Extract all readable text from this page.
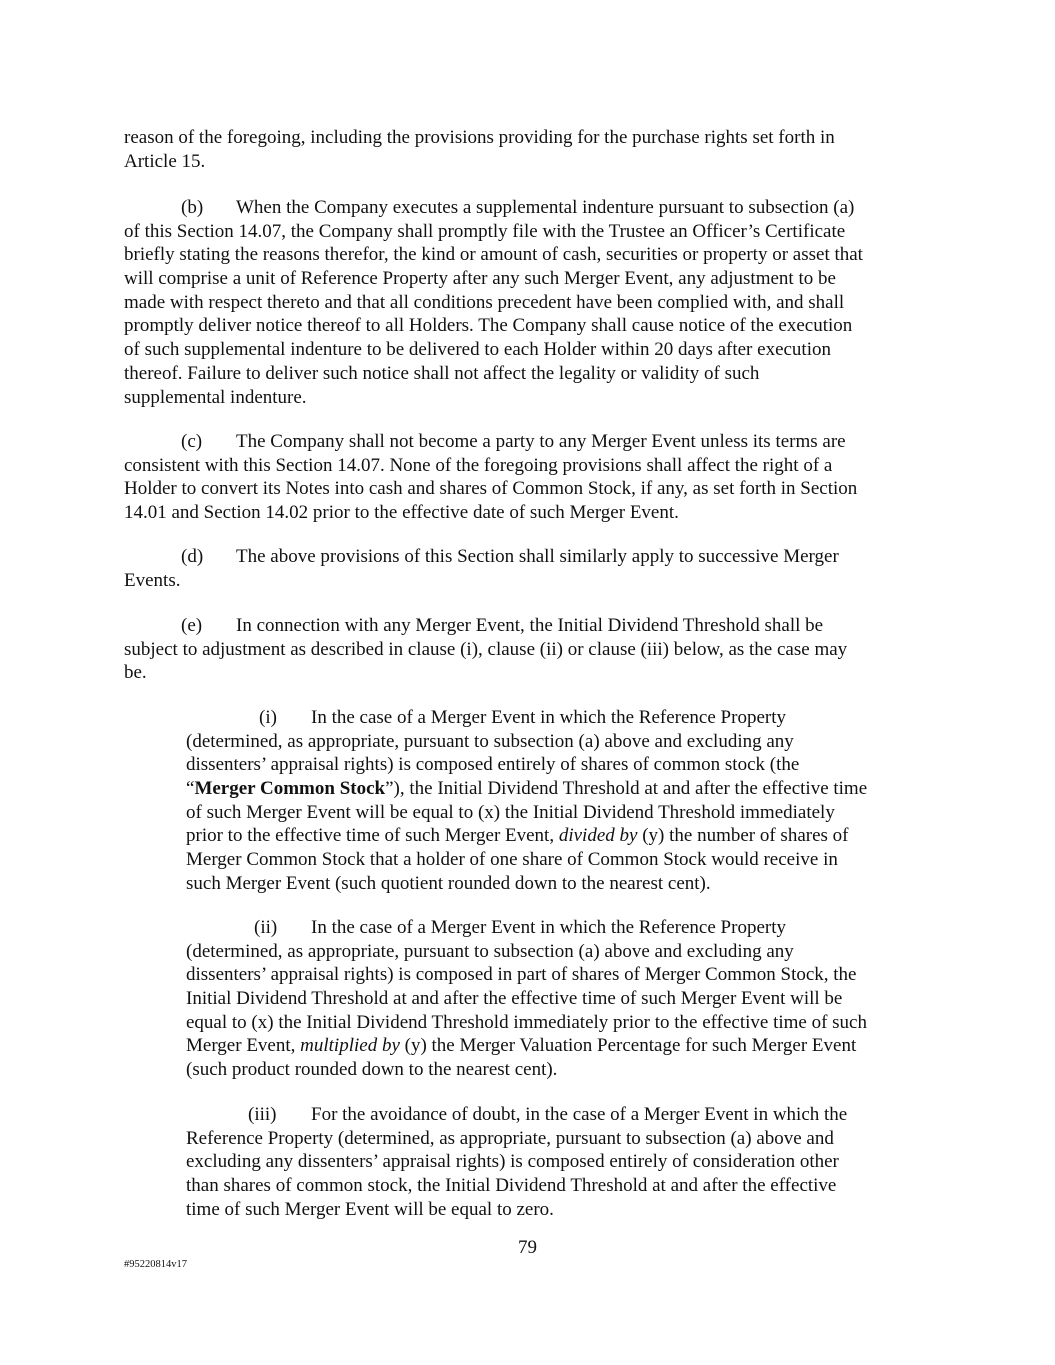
reason of the foregoing, including the provisions providing for the purchase rights set forth in
Article 15.
(b) When the Company executes a supplemental indenture pursuant to subsection (a)
of this Section 14.07, the Company shall promptly file with the Trustee an Officer’s Certificate
briefly stating the reasons therefor, the kind or amount of cash, securities or property or asset that
will comprise a unit of Reference Property after any such Merger Event, any adjustment to be
made with respect thereto and that all conditions precedent have been complied with, and shall
promptly deliver notice thereof to all Holders. The Company shall cause notice of the execution
of such supplemental indenture to be delivered to each Holder within 20 days after execution
thereof. Failure to deliver such notice shall not affect the legality or validity of such
supplemental indenture.
(c) The Company shall not become a party to any Merger Event unless its terms are
consistent with this Section 14.07. None of the foregoing provisions shall affect the right of a
Holder to convert its Notes into cash and shares of Common Stock, if any, as set forth in Section
14.01 and Section 14.02 prior to the effective date of such Merger Event.
(d) The above provisions of this Section shall similarly apply to successive Merger
Events.
(e) In connection with any Merger Event, the Initial Dividend Threshold shall be
subject to adjustment as described in clause (i), clause (ii) or clause (iii) below, as the case may
be.
(i) In the case of a Merger Event in which the Reference Property
(determined, as appropriate, pursuant to subsection (a) above and excluding any
dissenters’ appraisal rights) is composed entirely of shares of common stock (the
“Merger Common Stock”), the Initial Dividend Threshold at and after the effective time
of such Merger Event will be equal to (x) the Initial Dividend Threshold immediately
prior to the effective time of such Merger Event, divided by (y) the number of shares of
Merger Common Stock that a holder of one share of Common Stock would receive in
such Merger Event (such quotient rounded down to the nearest cent).
(ii) In the case of a Merger Event in which the Reference Property
(determined, as appropriate, pursuant to subsection (a) above and excluding any
dissenters’ appraisal rights) is composed in part of shares of Merger Common Stock, the
Initial Dividend Threshold at and after the effective time of such Merger Event will be
equal to (x) the Initial Dividend Threshold immediately prior to the effective time of such
Merger Event, multiplied by (y) the Merger Valuation Percentage for such Merger Event
(such product rounded down to the nearest cent).
(iii) For the avoidance of doubt, in the case of a Merger Event in which the
Reference Property (determined, as appropriate, pursuant to subsection (a) above and
excluding any dissenters’ appraisal rights) is composed entirely of consideration other
than shares of common stock, the Initial Dividend Threshold at and after the effective
time of such Merger Event will be equal to zero.
79
#95220814v17
